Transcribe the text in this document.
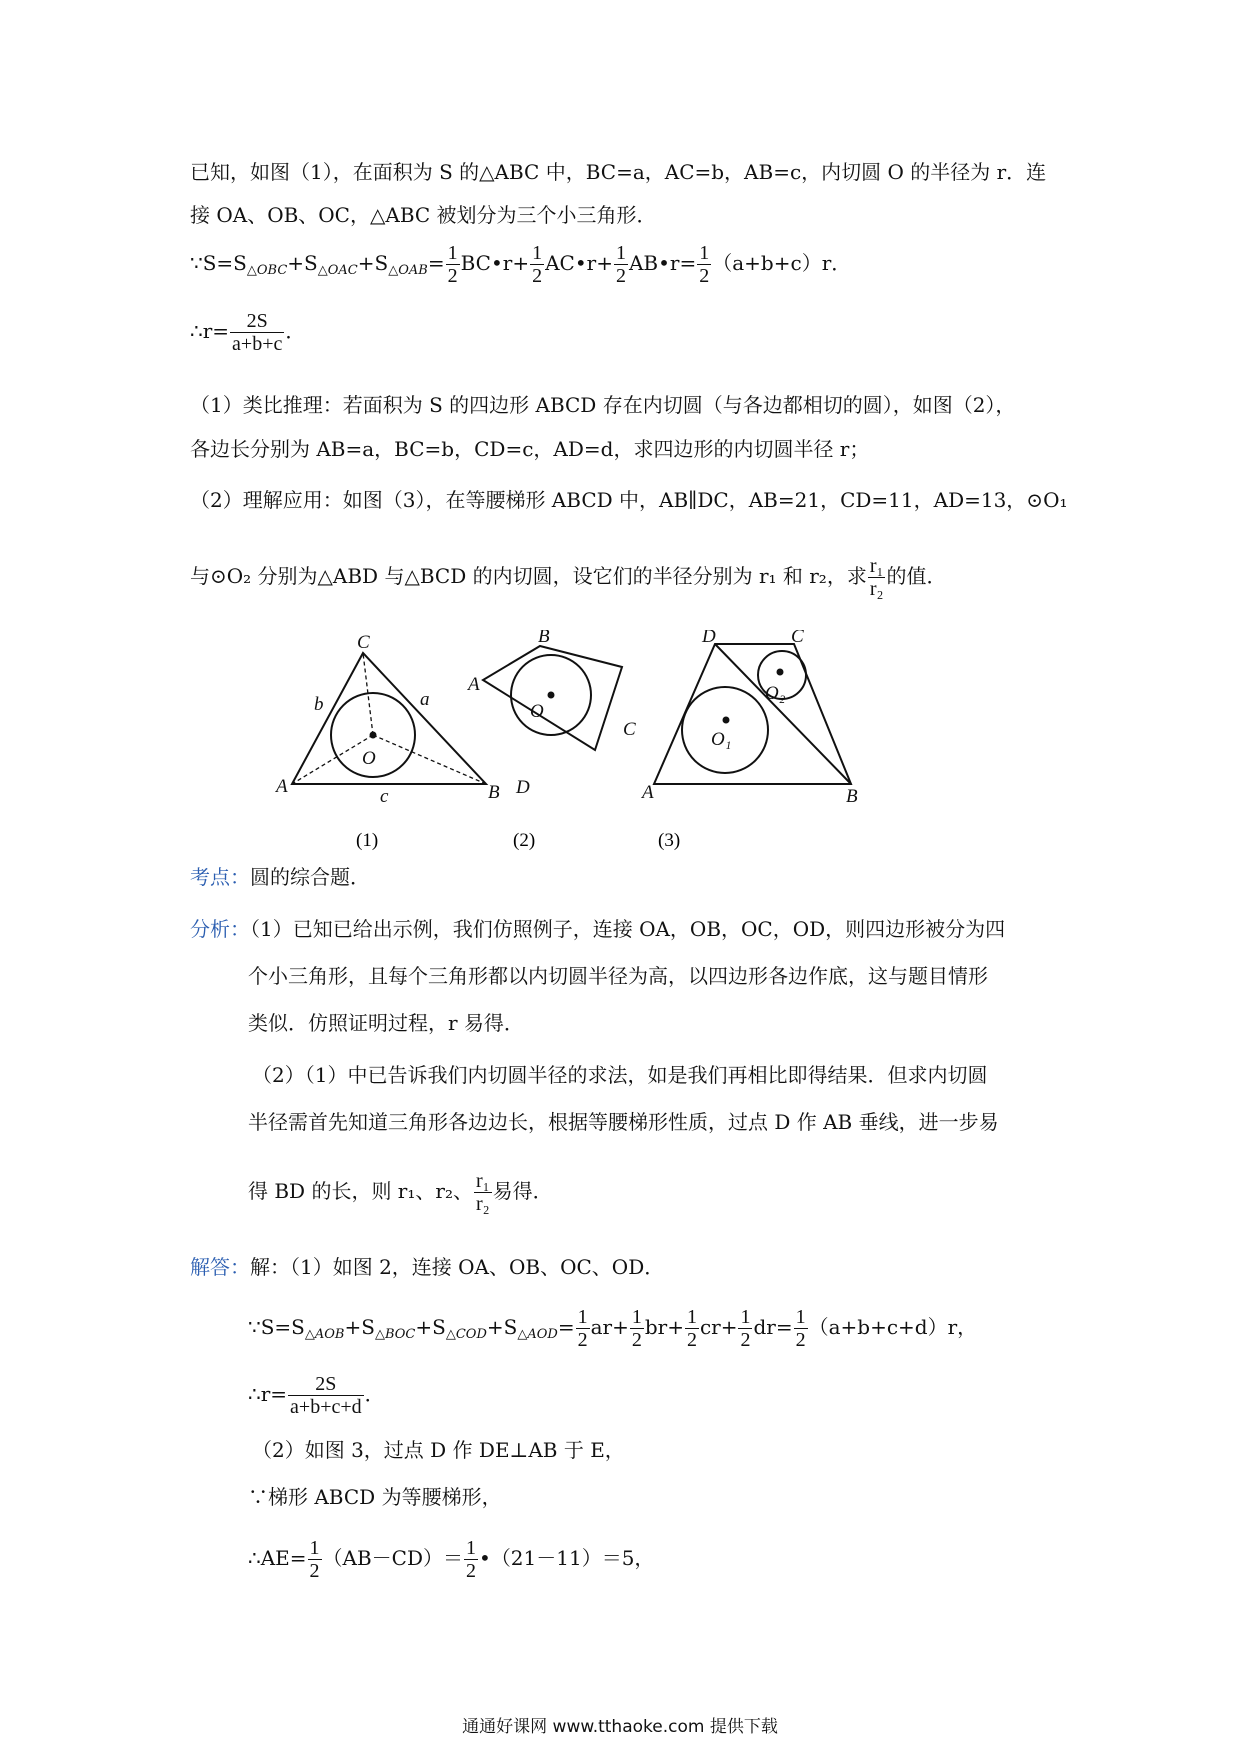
已知，如图（1），在面积为 S 的△ABC 中，BC=a，AC=b，AB=c，内切圆 O 的半径为 r．连
接 OA、OB、OC，△ABC 被划分为三个小三角形．
$\because S=S_{\triangle OBC}+S_{\triangle OAC}+S_{\triangle OAB}= \frac{1}{2}$ BC•r+ $\frac{1}{2}$ AC•r+ $\frac{1}{2}$ AB•r= $\frac{1}{2} (a+b+c)r$．
∴r= $\frac{2S}{a+b+c}$ ．
（1）类比推理：若面积为 S 的四边形 ABCD 存在内切圆（与各边都相切的圆），如图（2），
各边长分别为 AB=a，BC=b，CD=c，AD=d，求四边形的内切圆半径 r；
（2）理解应用：如图（3），在等腰梯形 ABCD 中，AB∥DC，AB=21，CD=11，AD=13，⊙O₁
与⊙O₂ 分别为△ABD 与△BCD 的内切圆，设它们的半径分别为 r₁ 和 r₂，求 $\frac{\text{r₁}}{\text{r₂}}$ 的值．
C
A	B
a
b
c
O
(1)
B
A
C
D
O
(2)
D	C
A	B
O₁
O₂
(3)
考点：圆的综合题．
分析：（1）已知已给出示例，我们仿照例子，连接 OA，OB，OC，OD，则四边形被分为四
个小三角形，且每个三角形都以内切圆半径为高，以四边形各边作底，这与题目情形
类似．仿照证明过程，r 易得．
（2）（1）中已告诉我们内切圆半径的求法，如是我们再相比即得结果．但求内切圆
半径需首先知道三角形各边边长，根据等腰梯形性质，过点 D 作 AB 垂线，进一步易
得 BD 的长，则 r₁、r₂、 $\frac{\text{r₁}}{\text{r₂}}$ 易得．
解答：解：（1）如图 2，连接 OA、OB、OC、OD．
$\because S=S_{\triangle AOB}+S_{\triangle BOC}+S_{\triangle COD}+S_{\triangle AOD}= \frac{1}{2} ar+ \frac{1}{2} br+ \frac{1}{2} cr+ \frac{1}{2} dr= \frac{1}{2} (a+b+c+d)r$，
∴r= $\frac{2S}{a+b+c+d}$ ．
（2）如图 3，过点 D 作 DE⊥AB 于 E，
∵梯形 ABCD 为等腰梯形，
∴AE= $\frac{1}{2} (AB-CD)= \frac{1}{2}$ •（21－11）＝5，
通通好课网 www.tthaoke.com 提供下载
